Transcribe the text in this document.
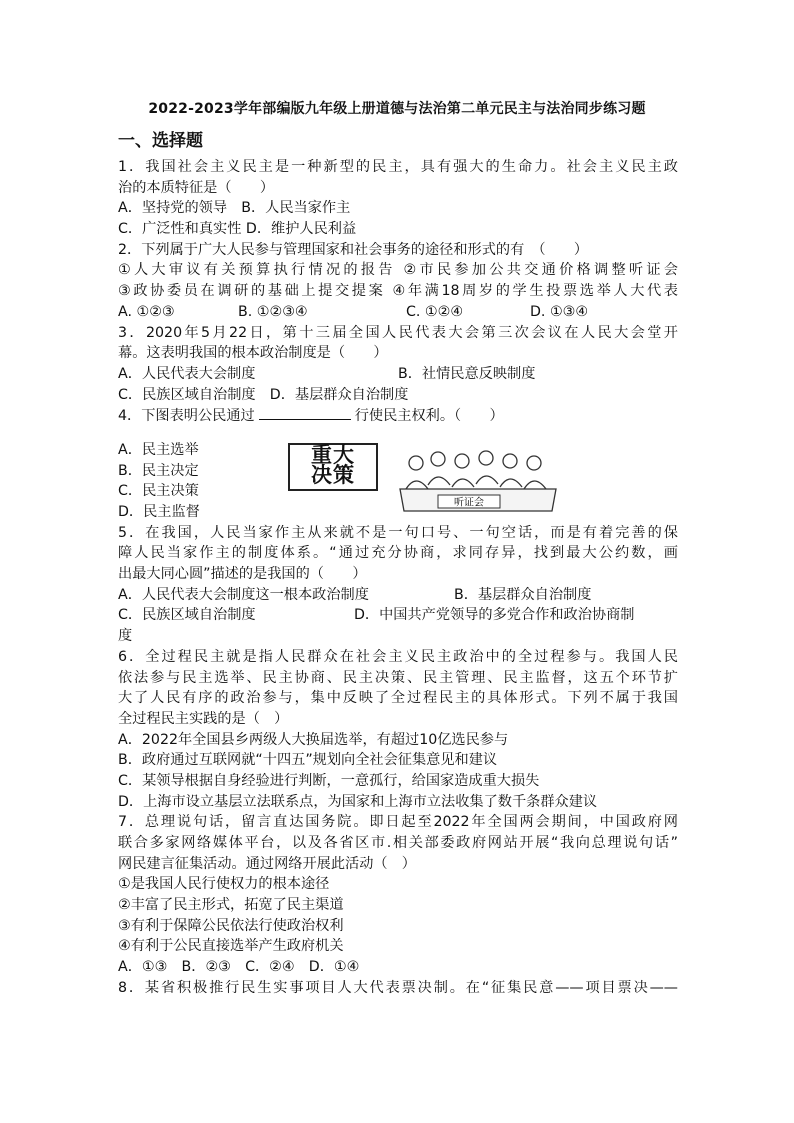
2022-2023学年部编版九年级上册道德与法治第二单元民主与法治同步练习题
一、选择题
1．我国社会主义民主是一种新型的民主，具有强大的生命力。社会主义民主政
治的本质特征是（　　）
A．坚持党的领导　B．人民当家作主
C．广泛性和真实性 D．维护人民利益
2．下列属于广大人民参与管理国家和社会事务的途径和形式的有　（　　）
①人大审议有关预算执行情况的报告 ②市民参加公共交通价格调整听证会
③政协委员在调研的基础上提交提案 ④年满18周岁的学生投票选举人大代表
A. ①②③	B. ①②③④	C. ①②④	D. ①③④
3．2020年5月22日，第十三届全国人民代表大会第三次会议在人民大会堂开
幕。这表明我国的根本政治制度是（　　）
A．人民代表大会制度	B．社情民意反映制度
C．民族区域自治制度　D．基层群众自治制度
4．下图表明公民通过	行使民主权利。（　　）
A．民主选举
B．民主决定
C．民主决策
D．民主监督
5．在我国，人民当家作主从来就不是一句口号、一句空话，而是有着完善的保
障人民当家作主的制度体系。“通过充分协商，求同存异，找到最大公约数，画
出最大同心圆”描述的是我国的（　　）
A．人民代表大会制度这一根本政治制度	B．基层群众自治制度
C．民族区域自治制度	D．中国共产党领导的多党合作和政治协商制
度
6．全过程民主就是指人民群众在社会主义民主政治中的全过程参与。我国人民
依法参与民主选举、民主协商、民主决策、民主管理、民主监督，这五个环节扩
大了人民有序的政治参与，集中反映了全过程民主的具体形式。下列不属于我国
全过程民主实践的是（　）
A．2022年全国县乡两级人大换届选举，有超过10亿选民参与
B．政府通过互联网就“十四五”规划向全社会征集意见和建议
C．某领导根据自身经验进行判断，一意孤行，给国家造成重大损失
D．上海市设立基层立法联系点，为国家和上海市立法收集了数千条群众建议
7．总理说句话，留言直达国务院。即日起至2022年全国两会期间，中国政府网
联合多家网络媒体平台，以及各省区市.相关部委政府网站开展“我向总理说句话”
网民建言征集活动。通过网络开展此活动（　）
①是我国人民行使权力的根本途径
②丰富了民主形式，拓宽了民主渠道
③有利于保障公民依法行使政治权利
④有利于公民直接选举产生政府机关
A．①③　B．②③　C．②④　D．①④
8．某省积极推行民生实事项目人大代表票决制。在“征集民意——项目票决——
重大
决策
听证会
